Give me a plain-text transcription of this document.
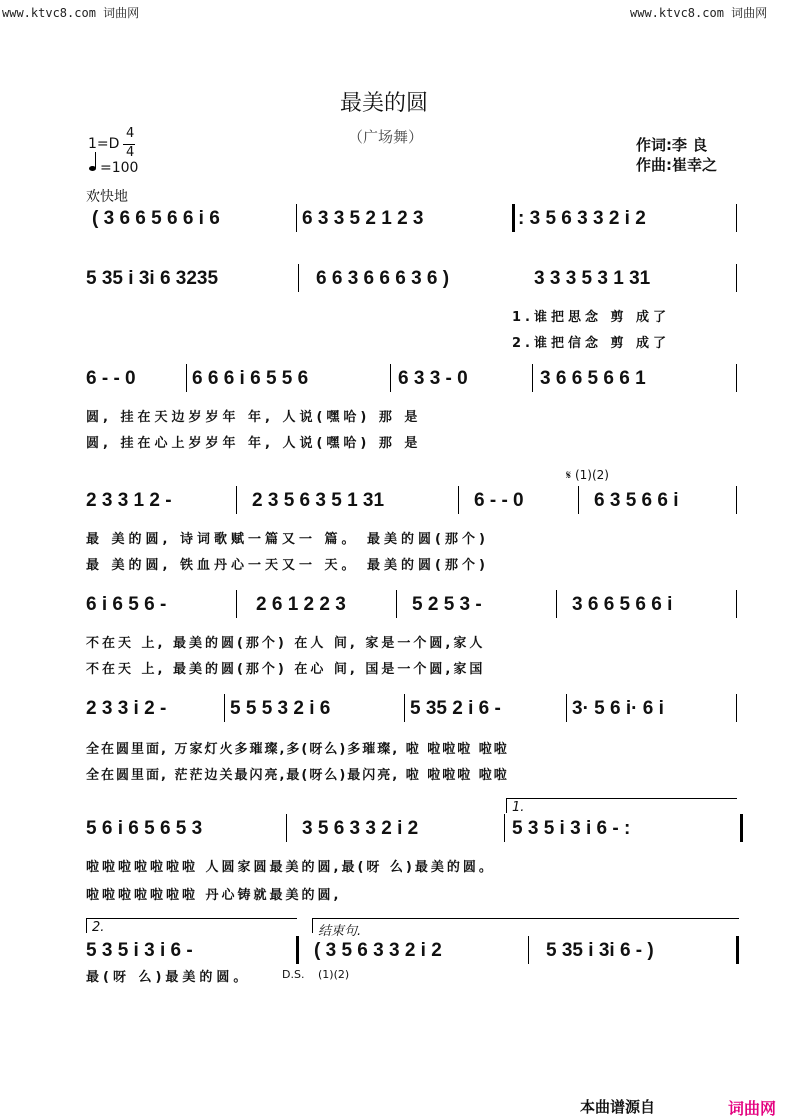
www.ktvc8.com 词曲网	www.ktvc8.com 词曲网
最美的圆
（广场舞）
1=D
4
4
=100
欢快地
作词:李 良
作曲:崔幸之
( 3 6 6 5 6 6 i 6	6 3 3 5 2 1 2 3	: 3 5 6 3 3 2 i 2
5 35 i 3i 6 3235	6 6 3 6 6 6 3 6 )	3 3 3 5 3 1 31
1.谁把思念 剪 成了
2.谁把信念 剪 成了
6 - - 0	6 6 6 i 6 5 5 6	6 3 3 - 0	3 6 6 5 6 6 1
圆, 挂在天边岁岁年 年, 人说(嘿哈) 那 是
圆, 挂在心上岁岁年 年, 人说(嘿哈) 那 是
𝄋 (1)(2)
2 3 3 1 2 -	2 3 5 6 3 5 1 31	6 - - 0	6 3 5 6 6 i
最 美的圆, 诗词歌赋一篇又一 篇。 最美的圆(那个)
最 美的圆, 铁血丹心一天又一 天。 最美的圆(那个)
6 i 6 5 6 -	2 6 1 2 2 3	5 2 5 3 -	3 6 6 5 6 6 i
不在天 上, 最美的圆(那个) 在人 间, 家是一个圆,家人
不在天 上, 最美的圆(那个) 在心 间, 国是一个圆,家国
2 3 3 i 2 -	5 5 5 3 2 i 6	5 35 2 i 6 -	3· 5 6 i· 6 i
全在圆里面, 万家灯火多璀璨,多(呀么)多璀璨, 啦 啦啦啦 啦啦
全在圆里面, 茫茫边关最闪亮,最(呀么)最闪亮, 啦 啦啦啦 啦啦
1.
5 6 i 6 5 6 5 3	3 5 6 3 3 2 i 2	5 3 5 i 3 i 6 - :
啦啦啦啦啦啦啦 人圆家圆最美的圆,最(呀 么)最美的圆。
啦啦啦啦啦啦啦 丹心铸就最美的圆,
2.	结束句.
5 3 5 i 3 i 6 -	( 3 5 6 3 3 2 i 2	5 35 i 3i 6 - )
最(呀 么)最美的圆。	D.S. (1)(2)
本曲谱源自	词曲网
